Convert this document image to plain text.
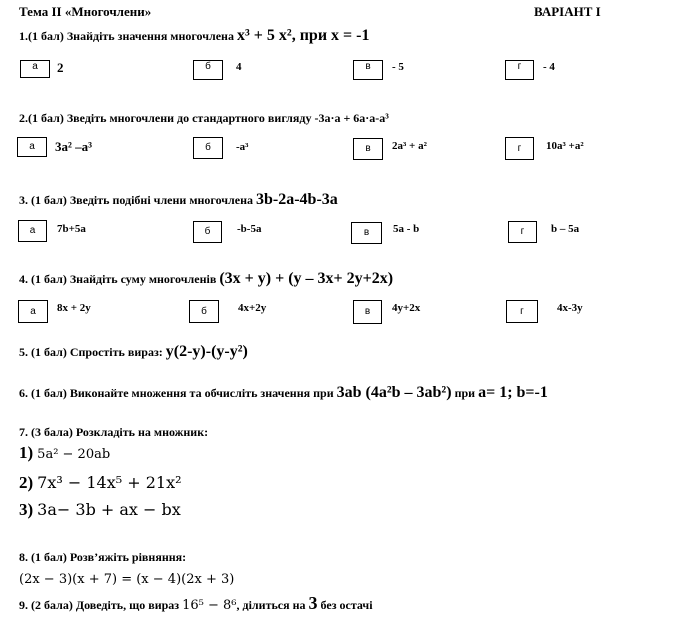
Тема ІІ «Многочлени»	ВАРІАНТ І
1.(1 бал) Знайдіть значення многочлена x³ + 5 x², при х = -1
а	2	б	4	в	- 5	г	- 4
2.(1 бал) Зведіть многочлени до стандартного вигляду -3а·а + 6а·а-а³
а	3a² –a³	б	-a³	в	2a³ + a²	г	10a³ +a²
3. (1 бал) Зведіть подібні члени многочлена 3b-2a-4b-3a
а	7b+5a	б	-b-5a	в	5a - b	г	b – 5a
4. (1 бал) Знайдіть суму многочленів (3x + y) + (y – 3x+ 2y+2x)
а	8x + 2y	б	4x+2y	в	4y+2x	г	4x-3y
5. (1 бал) Спростіть вираз: y(2-y)-(y-y²)
6. (1 бал) Виконайте множення та обчисліть значення при 3ab (4a²b – 3ab²) при a= 1; b=-1
7. (3 бала) Розкладіть на множник:
1) 5a² − 20ab
2) 7x³ − 14x⁵ + 21x²
3) 3a− 3b + ax − bx
8. (1 бал) Розв’яжіть рівняння:
(2x − 3)(x + 7) = (x − 4)(2x + 3)
9. (2 бала) Доведіть, що вираз 16⁵ − 8⁶, ділиться на 3 без остачі
